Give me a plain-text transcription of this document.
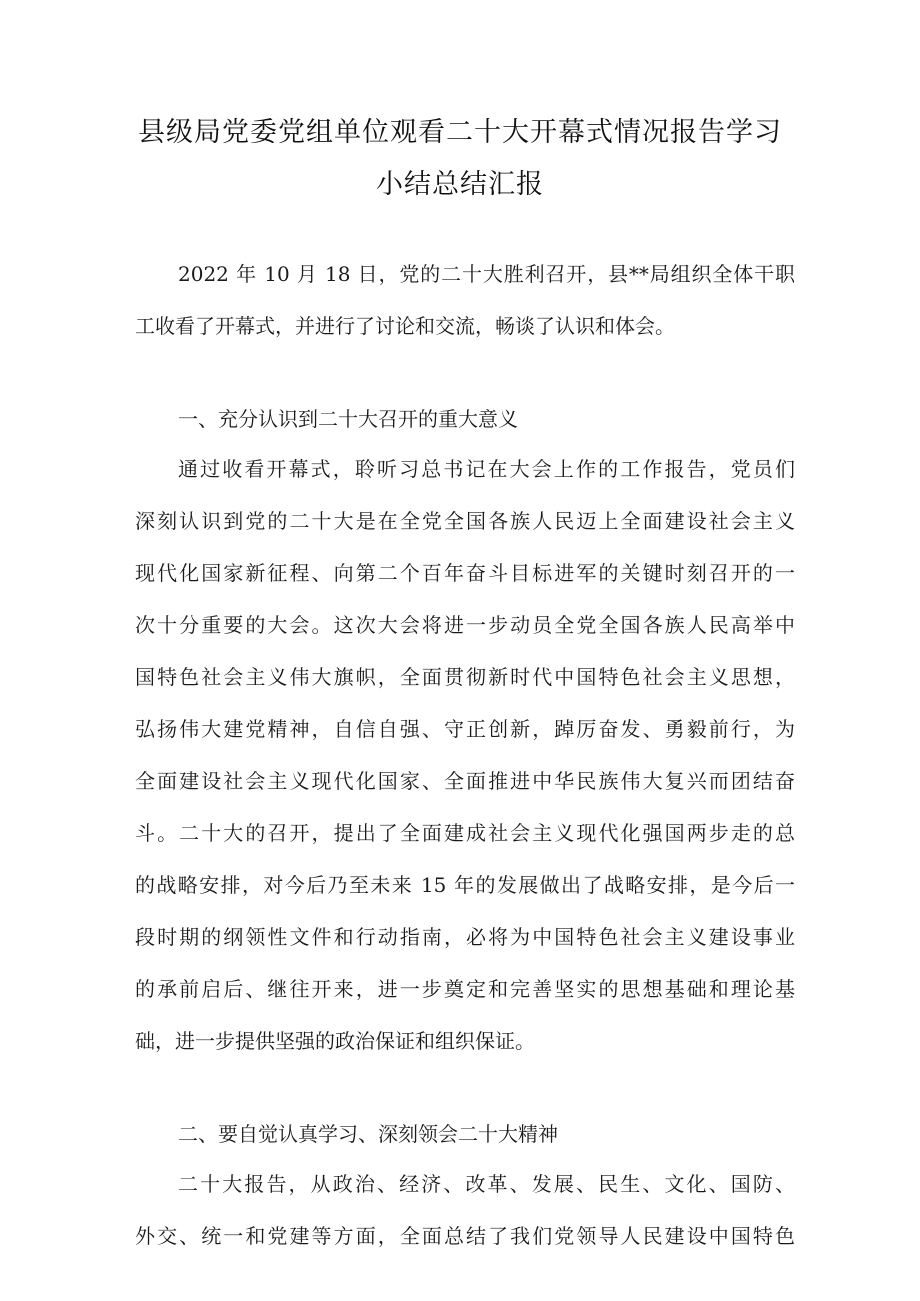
县级局党委党组单位观看二十大开幕式情况报告学习
小结总结汇报
2022 年 10 月 18 日，党的二十大胜利召开，县**局组织全体干职
工收看了开幕式，并进行了讨论和交流，畅谈了认识和体会。
一、充分认识到二十大召开的重大意义
通过收看开幕式，聆听习总书记在大会上作的工作报告，党员们
深刻认识到党的二十大是在全党全国各族人民迈上全面建设社会主义
现代化国家新征程、向第二个百年奋斗目标进军的关键时刻召开的一
次十分重要的大会。这次大会将进一步动员全党全国各族人民高举中
国特色社会主义伟大旗帜，全面贯彻新时代中国特色社会主义思想，
弘扬伟大建党精神，自信自强、守正创新，踔厉奋发、勇毅前行，为
全面建设社会主义现代化国家、全面推进中华民族伟大复兴而团结奋
斗。二十大的召开，提出了全面建成社会主义现代化强国两步走的总
的战略安排，对今后乃至未来 15 年的发展做出了战略安排，是今后一
段时期的纲领性文件和行动指南，必将为中国特色社会主义建设事业
的承前启后、继往开来，进一步奠定和完善坚实的思想基础和理论基
础，进一步提供坚强的政治保证和组织保证。
二、要自觉认真学习、深刻领会二十大精神
二十大报告，从政治、经济、改革、发展、民生、文化、国防、
外交、统一和党建等方面，全面总结了我们党领导人民建设中国特色
